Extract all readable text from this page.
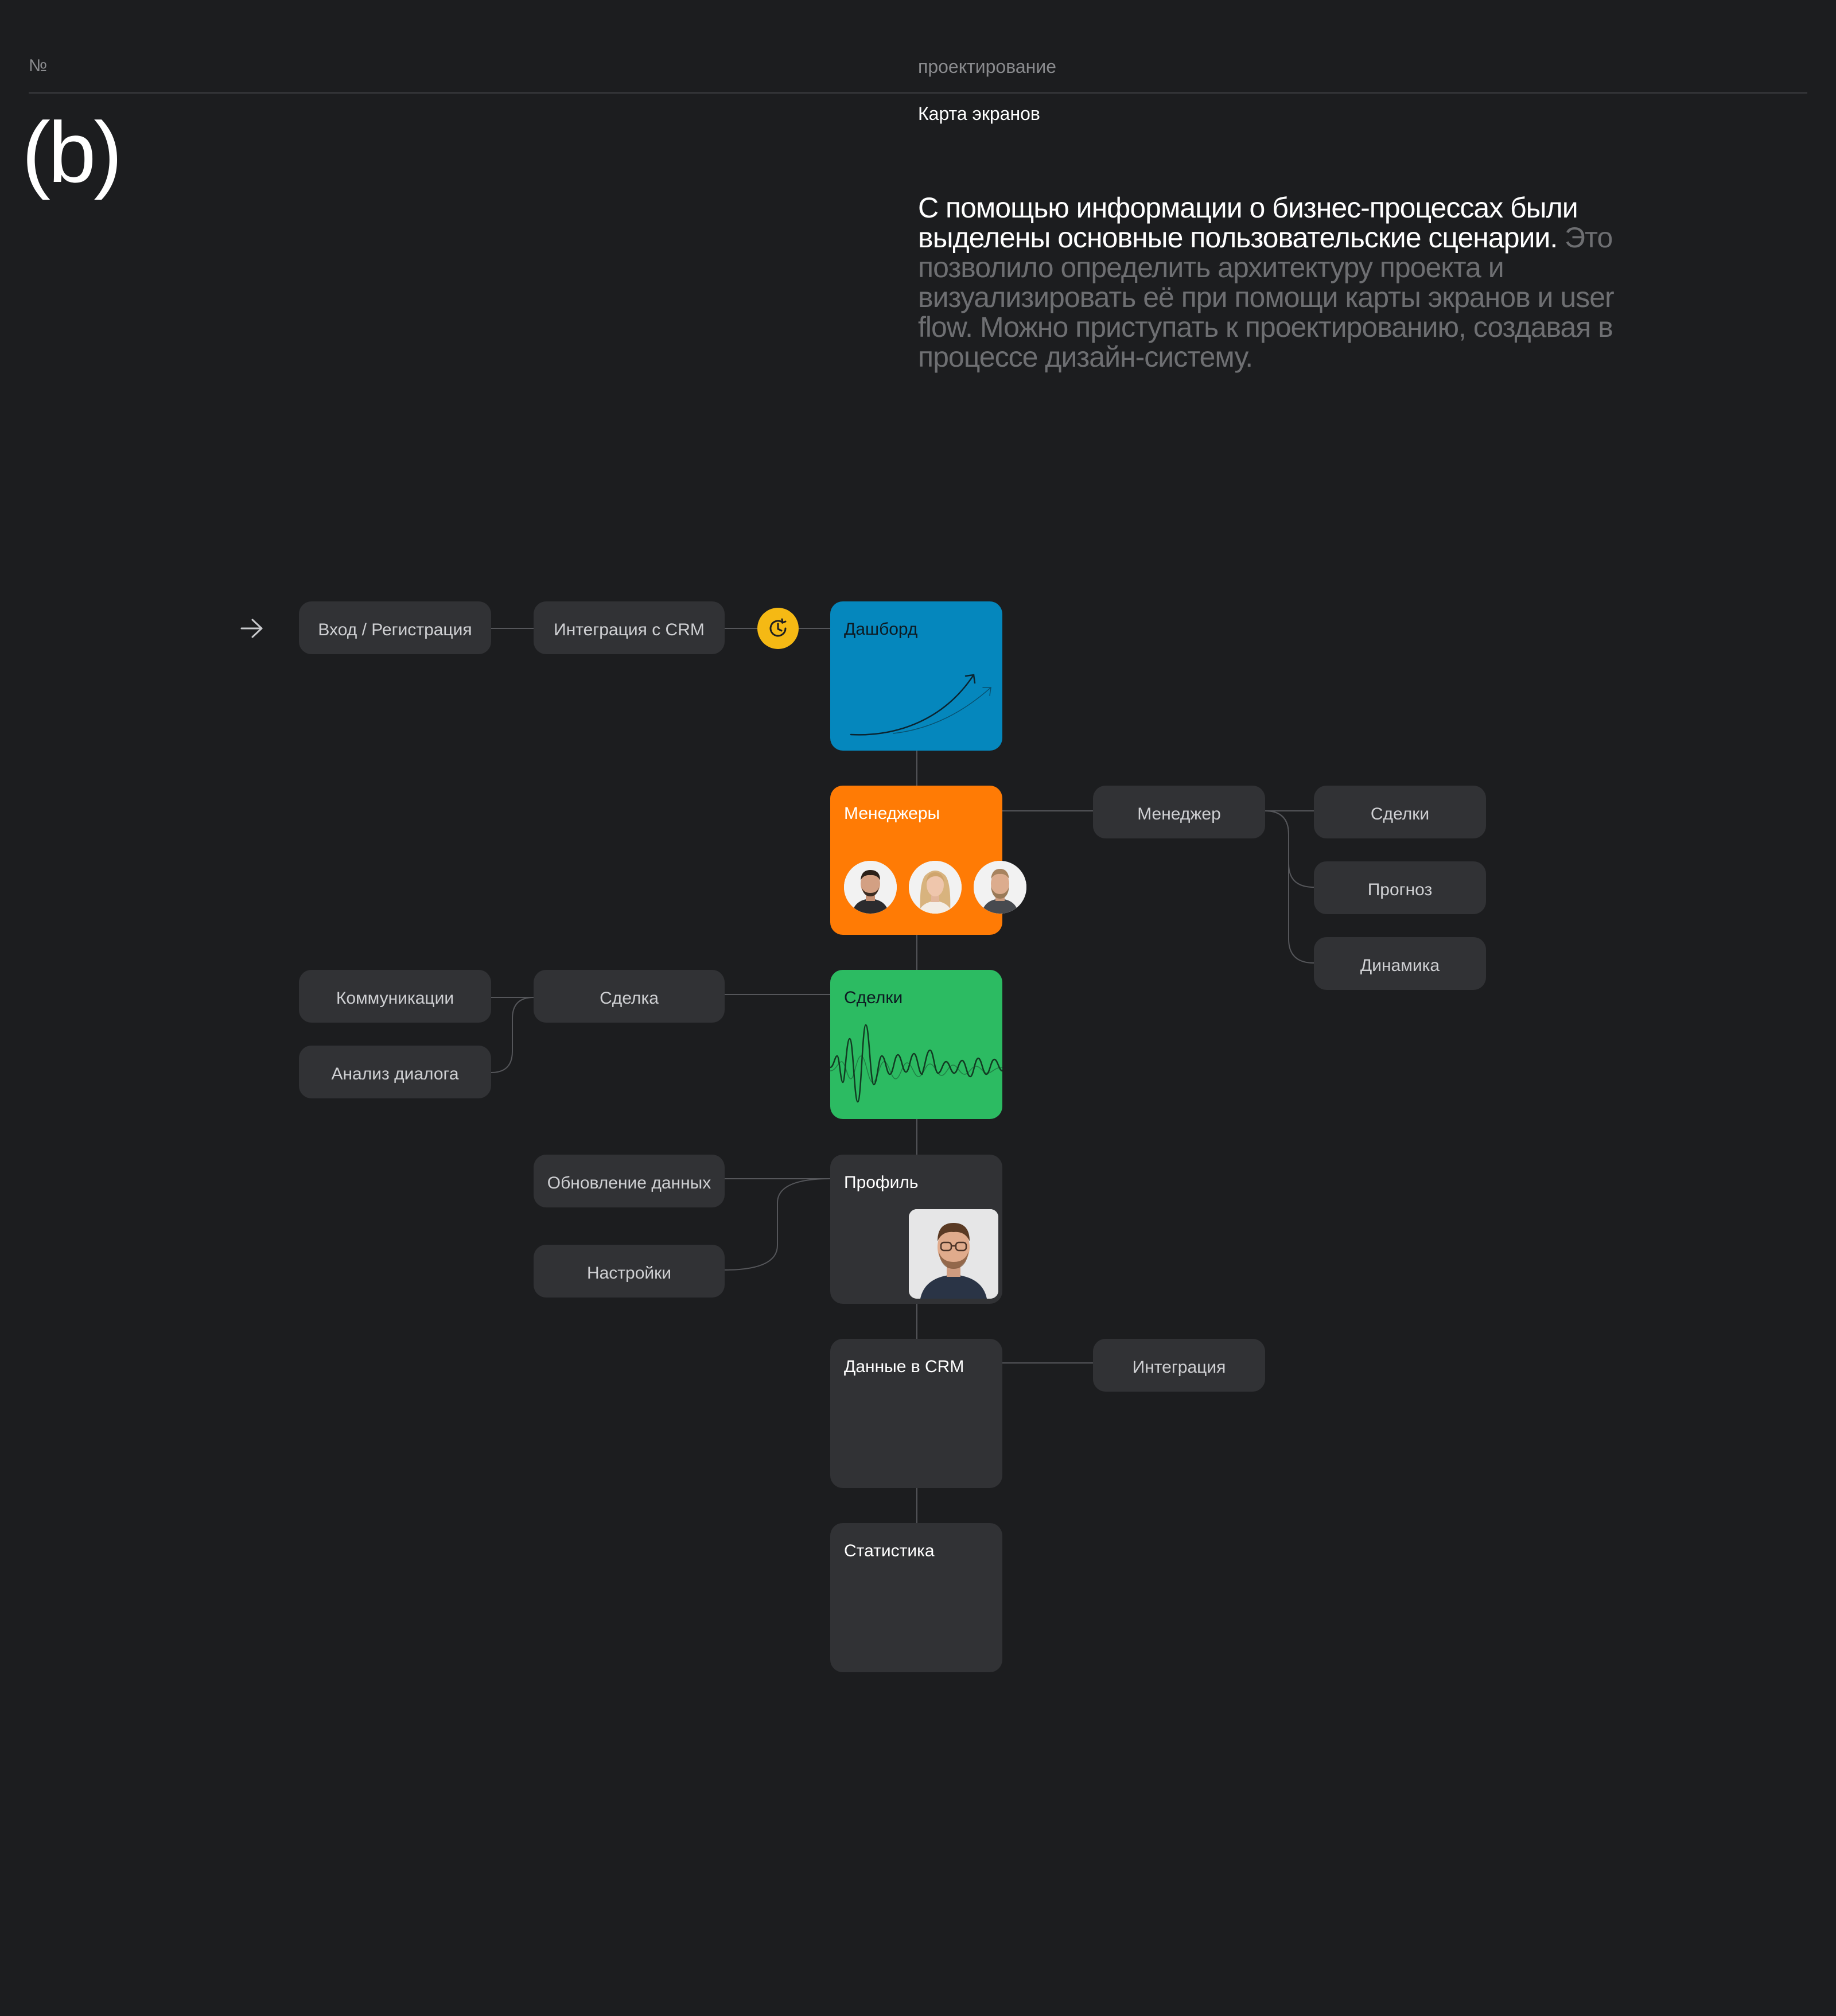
№	проектирование
(b)	Карта экранов
С помощью информации о бизнес-процессах были выделены основные пользовательские сценарии. Это позволило определить архитектуру проекта и визуализировать её при помощи карты экранов и user flow. Можно приступать к проектированию, создавая в процессе дизайн-систему.
Вход / Регистрация	Интеграция с CRM
Менеджер	Сделки
Прогноз
Динамика
Коммуникации	Сделка
Анализ диалога
Обновление данных
Настройки
Интеграция
Дашборд
Менеджеры
Сделки
Профиль
Данные в CRM
Статистика
